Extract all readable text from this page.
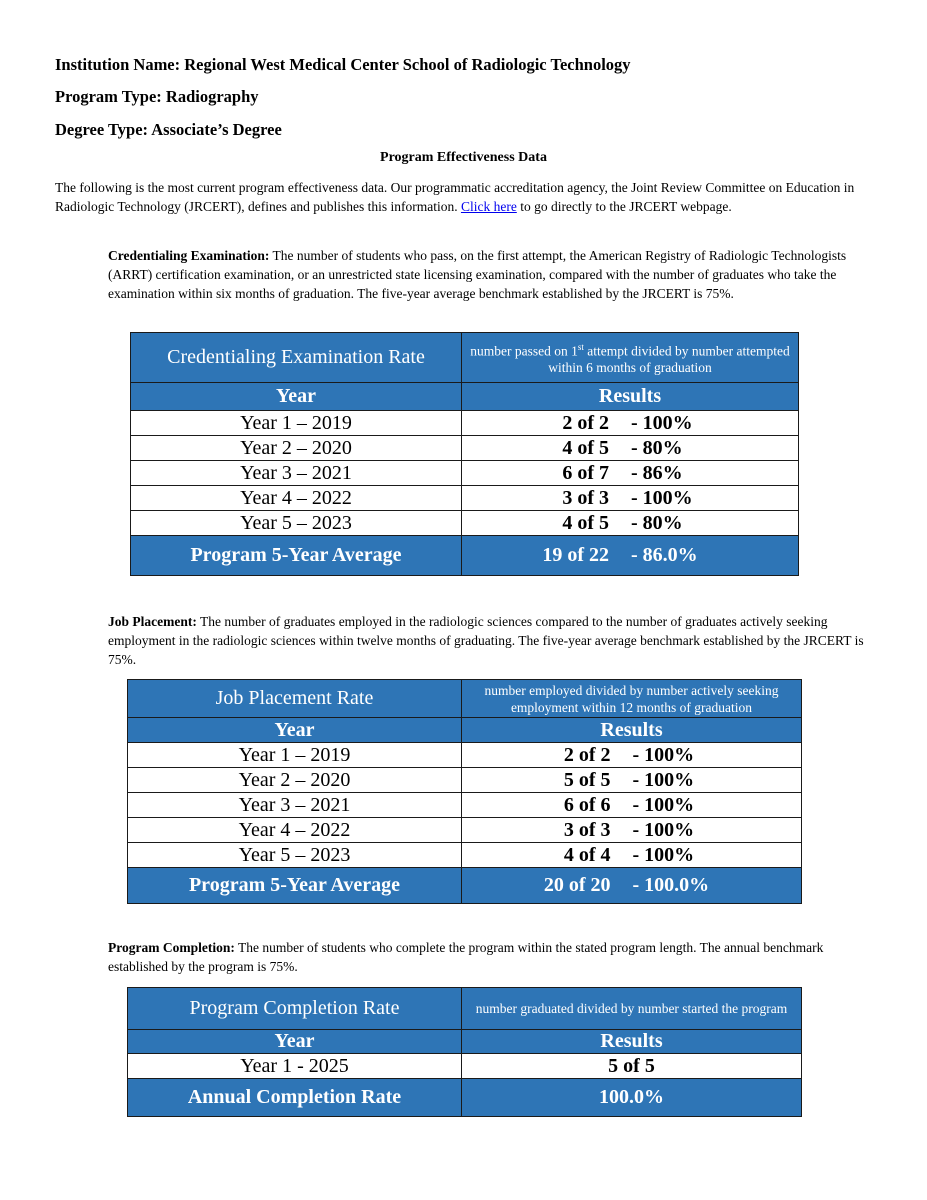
Institution Name: Regional West Medical Center School of Radiologic Technology
Program Type: Radiography
Degree Type: Associate’s Degree
Program Effectiveness Data
The following is the most current program effectiveness data. Our programmatic accreditation agency, the Joint Review Committee on Education in Radiologic Technology (JRCERT), defines and publishes this information. Click here to go directly to the JRCERT webpage.
Credentialing Examination: The number of students who pass, on the first attempt, the American Registry of Radiologic Technologists (ARRT) certification examination, or an unrestricted state licensing examination, compared with the number of graduates who take the examination within six months of graduation. The five-year average benchmark established by the JRCERT is 75%.
Credentialing Examination Rate	number passed on 1st attempt divided by number attempted within 6 months of graduation
Year	Results
Year 1 – 2019	2 of 2 - 100%
Year 2 – 2020	4 of 5 - 80%
Year 3 – 2021	6 of 7 - 86%
Year 4 – 2022	3 of 3 - 100%
Year 5 – 2023	4 of 5 - 80%
Program 5-Year Average	19 of 22 - 86.0%
Job Placement: The number of graduates employed in the radiologic sciences compared to the number of graduates actively seeking employment in the radiologic sciences within twelve months of graduating. The five-year average benchmark established by the JRCERT is 75%.
Job Placement Rate	number employed divided by number actively seeking employment within 12 months of graduation
Year	Results
Year 1 – 2019	2 of 2 - 100%
Year 2 – 2020	5 of 5 - 100%
Year 3 – 2021	6 of 6 - 100%
Year 4 – 2022	3 of 3 - 100%
Year 5 – 2023	4 of 4 - 100%
Program 5-Year Average	20 of 20 - 100.0%
Program Completion: The number of students who complete the program within the stated program length. The annual benchmark established by the program is 75%.
Program Completion Rate	number graduated divided by number started the program
Year	Results
Year 1 - 2025	5 of 5
Annual Completion Rate	100.0%
